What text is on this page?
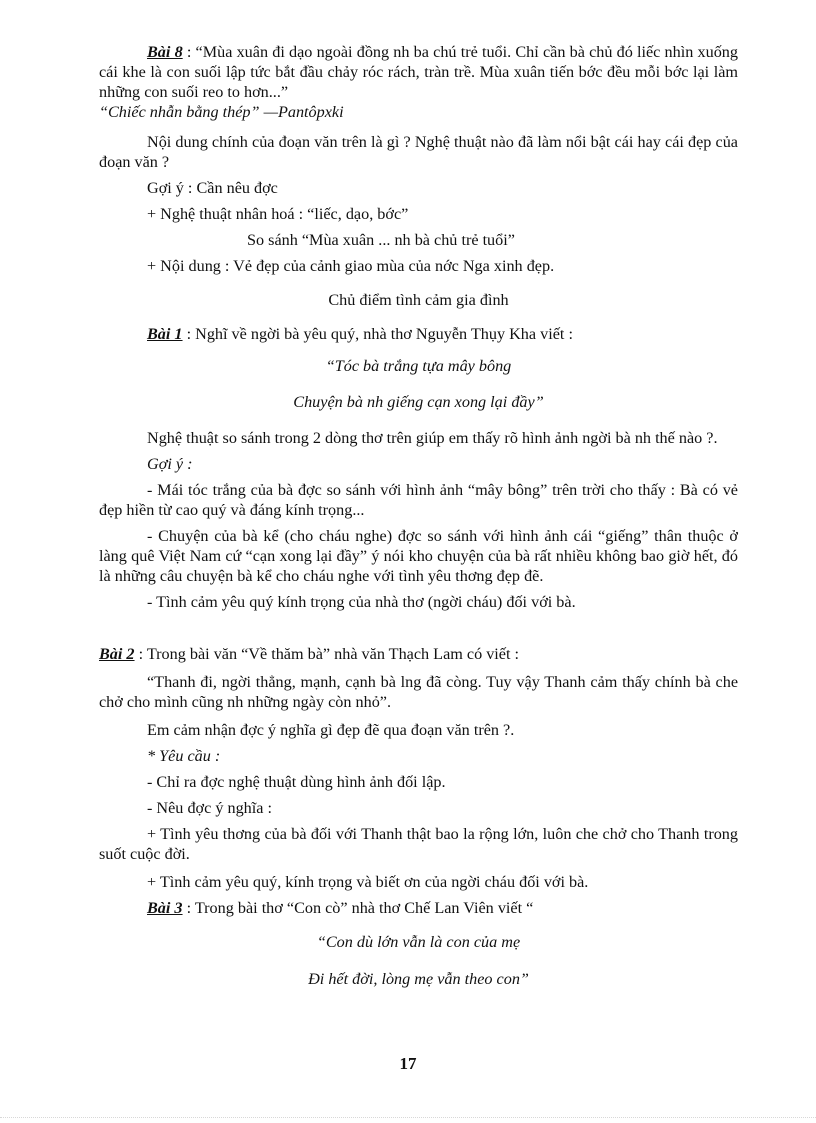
Bài 8 : “Mùa xuân đi dạo ngoài đồng nh ba chú trẻ tuổi. Chỉ cần bà chủ đó liếc nhìn xuống cái khe là con suối lập tức bắt đầu chảy róc rách, tràn trề. Mùa xuân tiến bớc đều mỗi bớc lại làm những con suối reo to hơn...”

“Chiếc nhẫn bằng thép” —Pantôpxki

Nội dung chính của đoạn văn trên là gì ? Nghệ thuật nào đã làm nổi bật cái hay cái đẹp của đoạn văn ?

Gợi ý : Cần nêu đợc

+ Nghệ thuật nhân hoá : “liếc, dạo, bớc”

So sánh “Mùa xuân ... nh bà chủ trẻ tuổi”

+ Nội dung : Vẻ đẹp của cảnh giao mùa của nớc Nga xinh đẹp.

Chủ điểm tình cảm gia đình

Bài 1 : Nghĩ về ngời bà yêu quý, nhà thơ Nguyễn Thụy Kha viết :

“Tóc bà trắng tựa mây bông

Chuyện bà nh giếng cạn xong lại đầy”

Nghệ thuật so sánh trong 2 dòng thơ trên giúp em thấy rõ hình ảnh ngời bà nh thế nào ?.

Gợi ý :

- Mái tóc trắng của bà đợc so sánh với hình ảnh “mây bông” trên trời cho thấy : Bà có vẻ đẹp hiền từ cao quý và đáng kính trọng...

- Chuyện của bà kể (cho cháu nghe) đợc so sánh với hình ảnh cái “giếng” thân thuộc ở làng quê Việt Nam cứ “cạn xong lại đầy” ý nói kho chuyện của bà rất nhiều không bao giờ hết, đó là những câu chuyện bà kể cho cháu nghe với tình yêu thơng đẹp đẽ.

- Tình cảm yêu quý kính trọng của nhà thơ (ngời cháu) đối với bà.

Bài 2 : Trong bài văn “Về thăm bà” nhà văn Thạch Lam có viết :

“Thanh đi, ngời thẳng, mạnh, cạnh bà lng đã còng. Tuy vậy Thanh cảm thấy chính bà che chở cho mình cũng nh những ngày còn nhỏ”.

Em cảm nhận đợc ý nghĩa gì đẹp đẽ qua đoạn văn trên ?.

* Yêu cầu :

- Chỉ ra đợc nghệ thuật dùng hình ảnh đối lập.

- Nêu đợc ý nghĩa :

+ Tình yêu thơng của bà đối với Thanh thật bao la rộng lớn, luôn che chở cho Thanh trong suốt cuộc đời.

+ Tình cảm yêu quý, kính trọng và biết ơn của ngời cháu đối với bà.

Bài 3 : Trong bài thơ “Con cò” nhà thơ Chế Lan Viên viết “

“Con dù lớn vẫn là con của mẹ

Đi hết đời, lòng mẹ vẫn theo con”

17
